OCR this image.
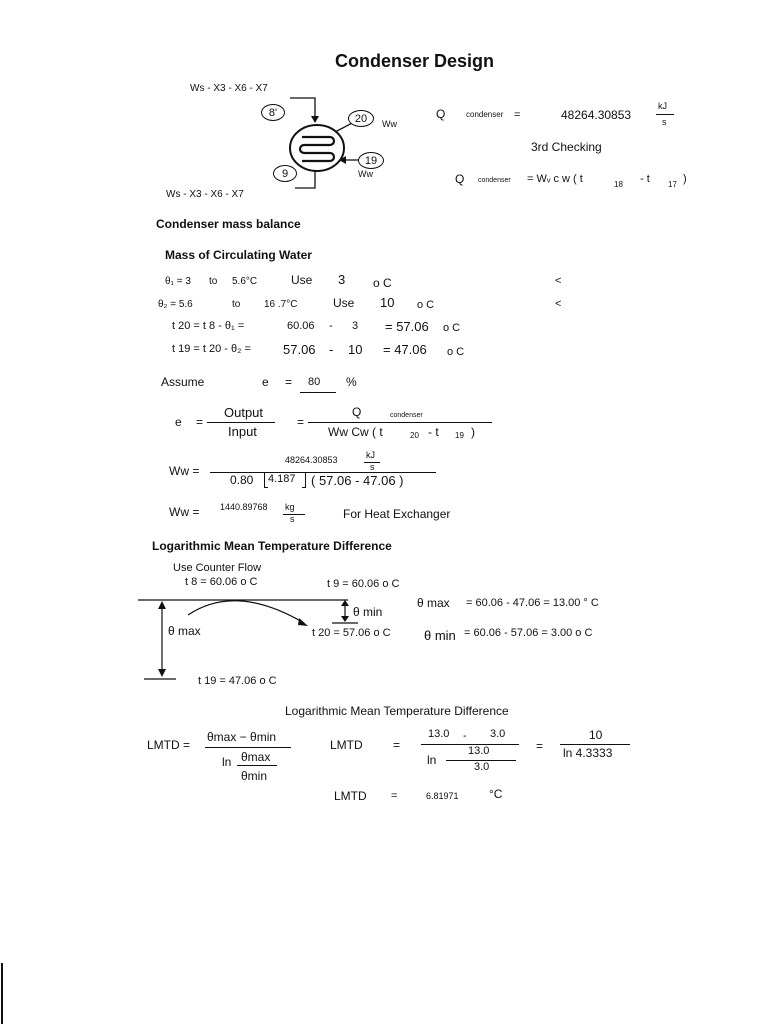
Condenser Design
Ws - X3 - X6 - X7
8'	20	Ww
19
Ww
9
Ws - X3 - X6 - X7
Q	condenser =	48264.30853
kJ
s
3rd Checking
Q condenser = Wᵥ c w ( t	18 - t 17 )
Condenser mass balance
Mass of Circulating Water
θ₁ = 3 to 5.6°C	Use 3 o C	<
θ₂ = 5.6	to 16 .7°C	Use 10 o C	<
t 20 = t 8 - θ₁ =	60.06 - 3 = 57.06 o C
t 19 = t 20 - θ₂ = 57.06 - 10 = 47.06 o C
Assume	e = 80 %
e =
Output
Input
=
Q	condenser
Ww Cw ( t	20 - t 19 )
Ww =
48264.30853	kJ
s
0.80 4.187 ( 57.06 - 47.06 )
Ww = 1440.89768 kg
s	For Heat Exchanger
Logarithmic Mean Temperature Difference
Use Counter Flow
t 8 = 60.06 o C	t 9 = 60.06 o C
θ min
θ max	t 20 = 57.06 o C
t 19 = 47.06 o C
θ max = 60.06 - 47.06 = 13.00 ° C
θ min = 60.06 - 57.06 = 3.00 o C
Logarithmic Mean Temperature Difference
LMTD =
θmax − θmin
ln θmax
θmin
LMTD	=
13.0 - 3.0
ln
13.0
3.0
=
10
ln 4.3333
LMTD =	6.81971	°C
